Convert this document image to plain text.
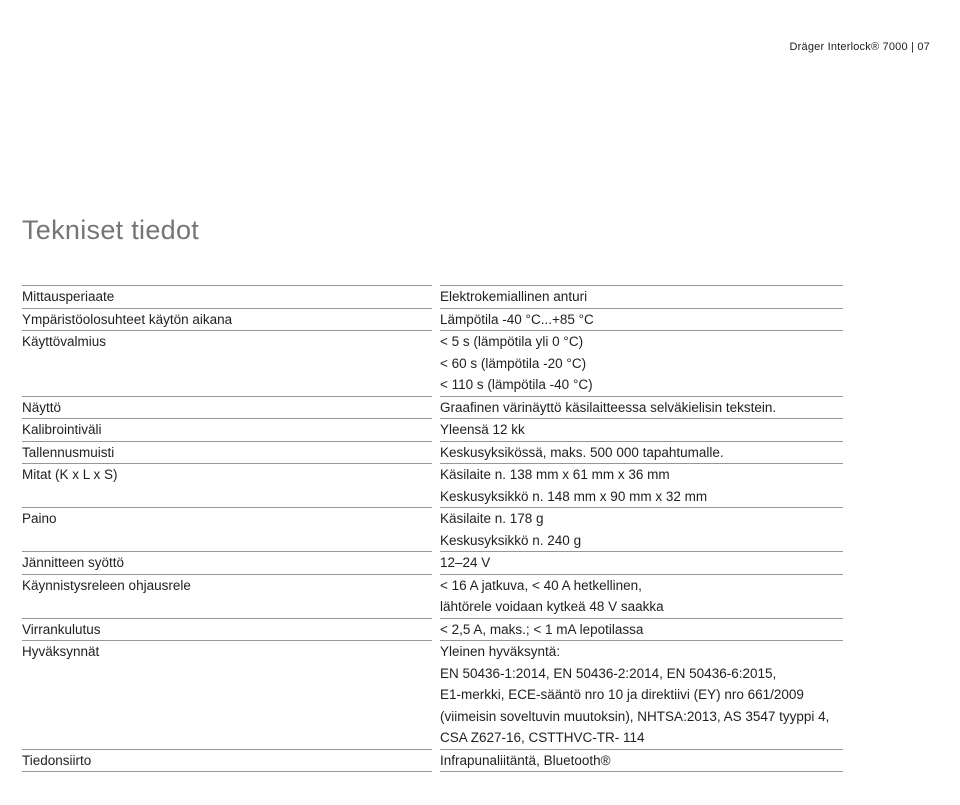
Dräger Interlock® 7000 | 07
Tekniset tiedot
Mittausperiaate	Elektrokemiallinen anturi
Ympäristöolosuhteet käytön aikana	Lämpötila -40 °C...+85 °C
Käyttövalmius	< 5 s (lämpötila yli 0 °C)
< 60 s (lämpötila -20 °C)
< 110 s (lämpötila -40 °C)
Näyttö	Graafinen värinäyttö käsilaitteessa selväkielisin tekstein.
Kalibrointiväli	Yleensä 12 kk
Tallennusmuisti	Keskusyksikössä, maks. 500 000 tapahtumalle.
Mitat (K x L x S)	Käsilaite n. 138 mm x 61 mm x 36 mm
Keskusyksikkö n. 148 mm x 90 mm x 32 mm
Paino	Käsilaite n. 178 g
Keskusyksikkö n. 240 g
Jännitteen syöttö	12–24 V
Käynnistysreleen ohjausrele	< 16 A jatkuva, < 40 A hetkellinen,
lähtörele voidaan kytkeä 48 V saakka
Virrankulutus	< 2,5 A, maks.; < 1 mA lepotilassa
Hyväksynnät	Yleinen hyväksyntä:
EN 50436-1:2014, EN 50436-2:2014, EN 50436-6:2015,
E1-merkki, ECE-sääntö nro 10 ja direktiivi (EY) nro 661/2009
(viimeisin soveltuvin muutoksin), NHTSA:2013, AS 3547 tyyppi 4,
CSA Z627-16, CSTTHVC-TR- 114
Tiedonsiirto	Infrapunaliitäntä, Bluetooth®
